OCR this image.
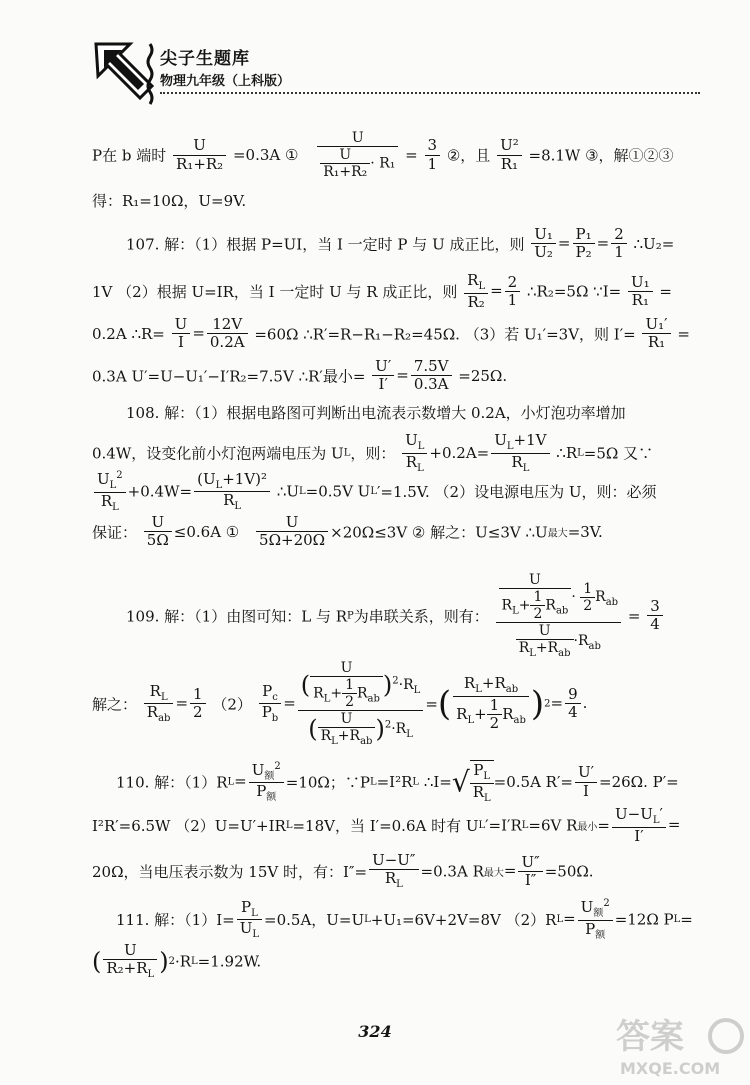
尖子生题库
物理九年级（上科版）
P在 b 端时 $\frac{U}{\text{R₁+R₂}} =0.3A$ ① $\frac{U}{\frac{U}{\text{R₁+R₂}} \cdot R_1} = \frac{3}{1}$ ②，且 $\frac{\text{U²}}{\text{R₁}} =8.1W$ ③，解①②③
得：R₁=10Ω，U=9V.
107. 解：（1）根据 P=UI，当 I 一定时 P 与 U 成正比，则 $\frac{\text{U₁}}{\text{U₂}} = \frac{\text{P₁}}{\text{P₂}} = \frac{2}{1}$ ∴U₂=
1V （2）根据 U=IR，当 I 一定时 U 与 R 成正比，则 $\frac{R_L}{\text{R₂}} = \frac{2}{1}$ ∴R₂=5Ω ∵I= $\frac{\text{U₁}}{\text{R₁}}$ =
0.2A ∴R= $\frac{U}{I} = \frac{12V}{0.2A} =60\Omega$ ∴R′=R−R₁−R₂=45Ω. （3）若 U₁′=3V，则 $I'= \frac{\text{U₁′}}{\text{R₁}}$ =
0.3A U′=U−U₁′−I′R₂=7.5V ∴R′最小= $\frac{U'}{I'} = \frac{7.5V}{0.3A} =25\Omega$.
108. 解：（1）根据电路图可判断出电流表示数增大 0.2A，小灯泡功率增加
0.4W，设变化前小灯泡两端电压为 UL，则： $\frac{U_L}{R_L} +0.2A= \frac{U_L+1V}{R_L}$ ∴RL=5Ω 又∵
$\frac{U_L^2}{R_L} +0.4W= \frac{(U_L+1V)^2}{R_L}$ ∴UL=0.5V UL′=1.5V. （2）设电源电压为 U，则：必须
保证： $\frac{U}{5\Omega} \le 0.6A$ ① $\frac{U}{5\Omega+20\Omega} \times 20\Omega\le 3V$ ② 解之：U≤3V ∴U最大=3V.
109. 解：（1）由图可知：L 与 RP为串联关系，则有： $\frac{\frac{U}{R_L+ \frac{1}{2} R_{ab}} \cdot \frac{1}{2} R_{ab}}{\frac{U}{R_L+R_{ab}} \cdot R_{ab}} = \frac{3}{4}$
解之： $\frac{R_L}{R_{ab}} = \frac{1}{2} (2) \frac{P_c}{P_b} = \frac{( \frac{U}{R_L+ \frac{1}{2} R_{ab}} )^2\cdot R_L}{( \frac{U}{R_L+R_{ab}} )^2\cdot R_L}$ =( $\frac{R_L+R_{ab}}{R_L+ \frac{1}{2} R_{ab}} )2= \frac{9}{4}$ .
110. 解：$(1)RL= \frac{U_额^2}{P_额} =10\Omega$；∵PL=I²RL ∴I=√ $\frac{P_L}{R_L} =0.5A$ $R'= \frac{U'}{I} =26\Omega$. P′=
I²R′=6.5W （2）U=U′+IRL=18V，当 I′=0.6A 时有 UL′=I′RL=6V R最小= $\frac{U-U_L'}{I'}$ =
20Ω，当电压表示数为 15V 时，有：$I''= \frac{U-U''}{R_L} =0.3A$ R最大= $\frac{U''}{I''} =50\Omega$.
111. 解：$(1)I= \frac{P_L}{U_L} =0.5A$，U=UL+U₁=6V+2V=8V $(2)RL= \frac{U_额^2}{P_额} =12\Omega$ PL=
( $\frac{U}{R_2+R_L} )2\cdot RL=1.92W$.
324	答案
MXQE.COM
